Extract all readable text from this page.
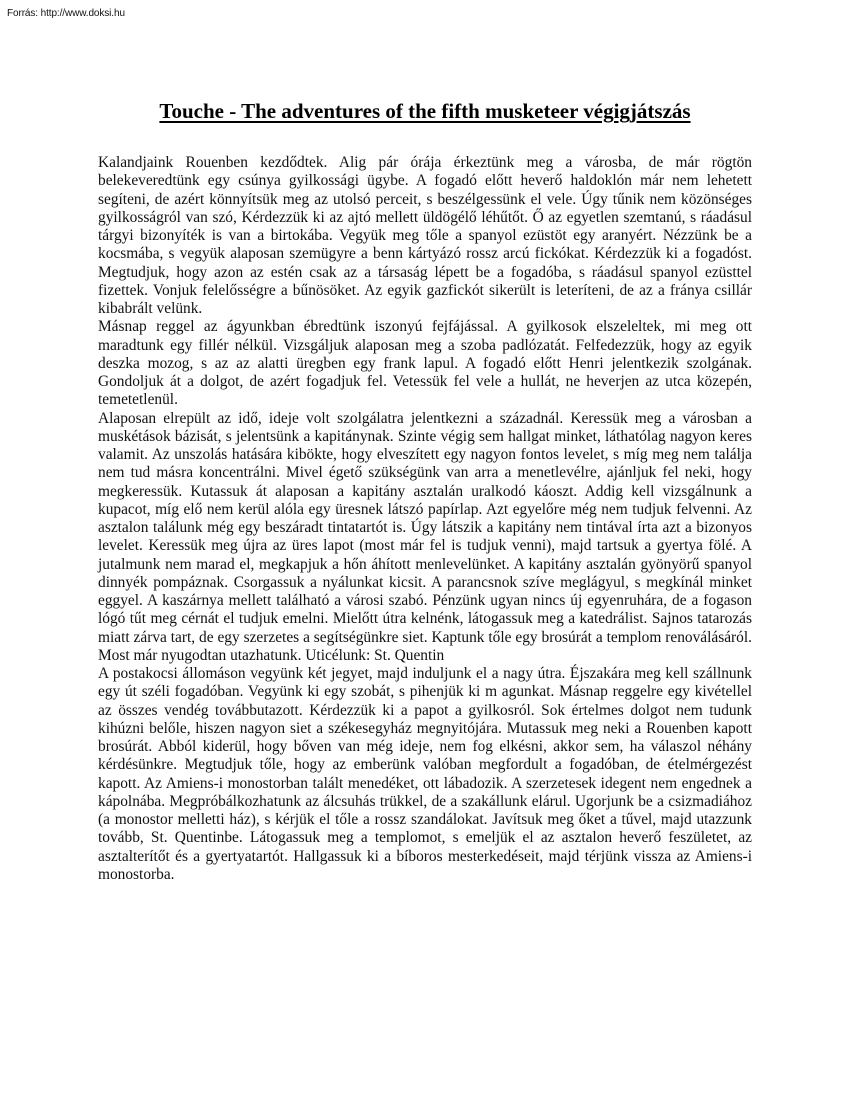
Forrás: http://www.doksi.hu
Touche - The adventures of the fifth musketeer végigjátszás

Kalandjaink Rouenben kezdődtek. Alig pár órája érkeztünk meg a városba, de már rögtön belekeveredtünk egy csúnya gyilkossági ügybe. A fogadó előtt heverő haldoklón már nem lehetett segíteni, de azért könnyítsük meg az utolsó perceit, s beszélgessünk el vele. Úgy tűnik nem közönséges gyilkosságról van szó, Kérdezzük ki az ajtó mellett üldögélő léhűtőt. Ő az egyetlen szemtanú, s ráadásul tárgyi bizonyíték is van a birtokába. Vegyük meg tőle a spanyol ezüstöt egy aranyért. Nézzünk be a kocsmába, s vegyük alaposan szemügyre a benn kártyázó rossz arcú fickókat. Kérdezzük ki a fogadóst. Megtudjuk, hogy azon az estén csak az a társaság lépett be a fogadóba, s ráadásul spanyol ezüsttel fizettek. Vonjuk felelősségre a bűnösöket. Az egyik gazfickót sikerült is leteríteni, de az a fránya csillár kibabrált velünk.

Másnap reggel az ágyunkban ébredtünk iszonyú fejfájással. A gyilkosok elszeleltek, mi meg ott maradtunk egy fillér nélkül. Vizsgáljuk alaposan meg a szoba padlózatát. Felfedezzük, hogy az egyik deszka mozog, s az az alatti üregben egy frank lapul. A fogadó előtt Henri jelentkezik szolgának. Gondoljuk át a dolgot, de azért fogadjuk fel. Vetessük fel vele a hullát, ne heverjen az utca közepén, temetetlenül.

Alaposan elrepült az idő, ideje volt szolgálatra jelentkezni a századnál. Keressük meg a városban a muskétások bázisát, s jelentsünk a kapitánynak. Szinte végig sem hallgat minket, láthatólag nagyon keres valamit. Az unszolás hatására kibökte, hogy elveszített egy nagyon fontos levelet, s míg meg nem találja nem tud másra koncentrálni. Mivel égető szükségünk van arra a menetlevélre, ajánljuk fel neki, hogy megkeressük. Kutassuk át alaposan a kapitány asztalán uralkodó káoszt. Addig kell vizsgálnunk a kupacot, míg elő nem kerül alóla egy üresnek látszó papírlap. Azt egyelőre még nem tudjuk felvenni. Az asztalon találunk még egy beszáradt tintatartót is. Úgy látszik a kapitány nem tintával írta azt a bizonyos levelet. Keressük meg újra az üres lapot (most már fel is tudjuk venni), majd tartsuk a gyertya fölé. A jutalmunk nem marad el, megkapjuk a hőn áhított menlevelünket. A kapitány asztalán gyönyörű spanyol dinnyék pompáznak. Csorgassuk a nyálunkat kicsit. A parancsnok szíve meglágyul, s megkínál minket eggyel. A kaszárnya mellett található a városi szabó. Pénzünk ugyan nincs új egyenruhára, de a fogason lógó tűt meg cérnát el tudjuk emelni. Mielőtt útra kelnénk, látogassuk meg a katedrálist. Sajnos tatarozás miatt zárva tart, de egy szerzetes a segítségünkre siet. Kaptunk tőle egy brosúrát a templom renoválásáról. Most már nyugodtan utazhatunk. Uticélunk: St. Quentin

A postakocsi állomáson vegyünk két jegyet, majd induljunk el a nagy útra. Éjszakára meg kell szállnunk egy út széli fogadóban. Vegyünk ki egy szobát, s pihenjük ki m agunkat. Másnap reggelre egy kivétellel az összes vendég továbbutazott. Kérdezzük ki a papot a gyilkosról. Sok értelmes dolgot nem tudunk kihúzni belőle, hiszen nagyon siet a székesegyház megnyitójára. Mutassuk meg neki a Rouenben kapott brosúrát. Abból kiderül, hogy bőven van még ideje, nem fog elkésni, akkor sem, ha válaszol néhány kérdésünkre. Megtudjuk tőle, hogy az emberünk valóban megfordult a fogadóban, de ételmérgezést kapott. Az Amiens-i monostorban talált menedéket, ott lábadozik. A szerzetesek idegent nem engednek a kápolnába. Megpróbálkozhatunk az álcsuhás trükkel, de a szakállunk elárul. Ugorjunk be a csizmadiához (a monostor melletti ház), s kérjük el tőle a rossz szandálokat. Javítsuk meg őket a tűvel, majd utazzunk tovább, St. Quentinbe. Látogassuk meg a templomot, s emeljük el az asztalon heverő feszületet, az asztalterítőt és a gyertyatartót. Hallgassuk ki a bíboros mesterkedéseit, majd térjünk vissza az Amiens-i monostorba.
